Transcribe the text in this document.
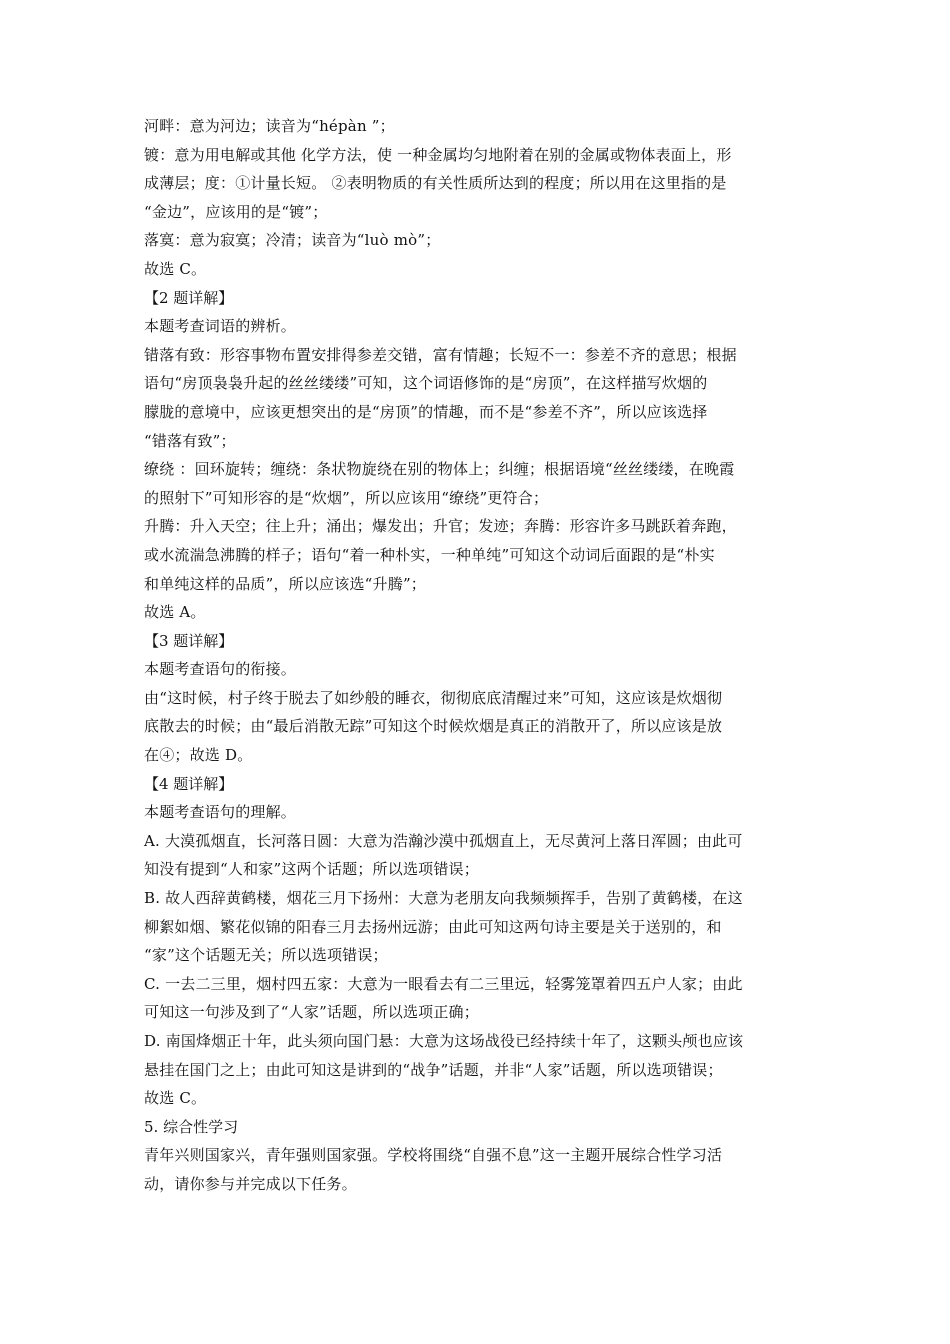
河畔：意为河边；读音为“hépàn ”；
镀：意为用电解或其他 化学方法，使 一种金属均匀地附着在别的金属或物体表面上，形
成薄层；度：①计量长短。 ②表明物质的有关性质所达到的程度；所以用在这里指的是
“金边”，应该用的是“镀”；
落寞：意为寂寞；冷清；读音为“luò mò”；
故选 C。
【2 题详解】
本题考查词语的辨析。
错落有致：形容事物布置安排得参差交错，富有情趣；长短不一：参差不齐的意思；根据
语句“房顶袅袅升起的丝丝缕缕”可知，这个词语修饰的是“房顶”，在这样描写炊烟的
朦胧的意境中，应该更想突出的是“房顶”的情趣，而不是“参差不齐”，所以应该选择
“错落有致”；
缭绕 ：回环旋转；缠绕：条状物旋绕在别的物体上；纠缠；根据语境“丝丝缕缕，在晚霞
的照射下”可知形容的是“炊烟”，所以应该用“缭绕”更符合；
升腾：升入天空；往上升；涌出；爆发出；升官；发迹；奔腾：形容许多马跳跃着奔跑，
或水流湍急沸腾的样子；语句“着一种朴实，一种单纯”可知这个动词后面跟的是“朴实
和单纯这样的品质”，所以应该选“升腾”；
故选 A。
【3 题详解】
本题考查语句的衔接。
由“这时候，村子终于脱去了如纱般的睡衣，彻彻底底清醒过来”可知，这应该是炊烟彻
底散去的时候；由“最后消散无踪”可知这个时候炊烟是真正的消散开了，所以应该是放
在④；故选 D。
【4 题详解】
本题考查语句的理解。
A. 大漠孤烟直，长河落日圆：大意为浩瀚沙漠中孤烟直上，无尽黄河上落日浑圆；由此可
知没有提到“人和家”这两个话题；所以选项错误；
B. 故人西辞黄鹤楼，烟花三月下扬州：大意为老朋友向我频频挥手，告别了黄鹤楼，在这
柳絮如烟、繁花似锦的阳春三月去扬州远游；由此可知这两句诗主要是关于送别的，和
“家”这个话题无关；所以选项错误；
C. 一去二三里，烟村四五家：大意为一眼看去有二三里远，轻雾笼罩着四五户人家；由此
可知这一句涉及到了“人家”话题，所以选项正确；
D. 南国烽烟正十年，此头须向国门悬：大意为这场战役已经持续十年了，这颗头颅也应该
悬挂在国门之上；由此可知这是讲到的“战争”话题，并非“人家”话题，所以选项错误；
故选 C。
5. 综合性学习
青年兴则国家兴，青年强则国家强。学校将围绕“自强不息”这一主题开展综合性学习活
动，请你参与并完成以下任务。
